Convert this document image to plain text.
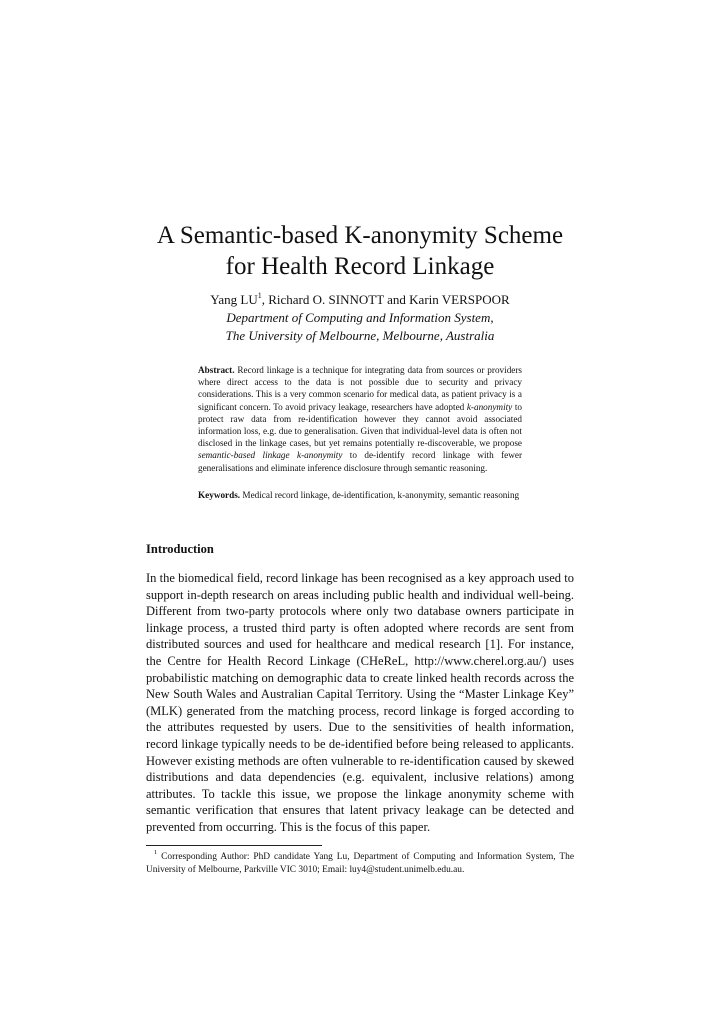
A Semantic-based K-anonymity Scheme
for Health Record Linkage
Yang $LU^1$, Richard O. SINNOTT and Karin VERSPOOR
Department of Computing and Information System,
The University of Melbourne, Melbourne, Australia
Abstract. Record linkage is a technique for integrating data from sources or providers where direct access to the data is not possible due to security and privacy considerations. This is a very common scenario for medical data, as patient privacy is a significant concern. To avoid privacy leakage, researchers have adopted k-anonymity to protect raw data from re-identification however they cannot avoid associated information loss, e.g. due to generalisation. Given that individual-level data is often not disclosed in the linkage cases, but yet remains potentially re-discoverable, we propose semantic-based linkage k-anonymity to de-identify record linkage with fewer generalisations and eliminate inference disclosure through semantic reasoning.
Keywords. Medical record linkage, de-identification, k-anonymity, semantic reasoning
Introduction

In the biomedical field, record linkage has been recognised as a key approach used to support in-depth research on areas including public health and individual well-being. Different from two-party protocols where only two database owners participate in linkage process, a trusted third party is often adopted where records are sent from distributed sources and used for healthcare and medical research [1]. For instance, the Centre for Health Record Linkage (CHeReL, http://www.cherel.org.au/) uses probabilistic matching on demographic data to create linked health records across the New South Wales and Australian Capital Territory. Using the “Master Linkage Key” (MLK) generated from the matching process, record linkage is forged according to the attributes requested by users. Due to the sensitivities of health information, record linkage typically needs to be de-identified before being released to applicants. However existing methods are often vulnerable to re-identification caused by skewed distributions and data dependencies (e.g. equivalent, inclusive relations) among attributes. To tackle this issue, we propose the linkage anonymity scheme with semantic verification that ensures that latent privacy leakage can be detected and prevented from occurring. This is the focus of this paper.

$^1$ Corresponding Author: PhD candidate Yang Lu, Department of Computing and Information System, The University of Melbourne, Parkville VIC 3010; Email: luy4@student.unimelb.edu.au.
